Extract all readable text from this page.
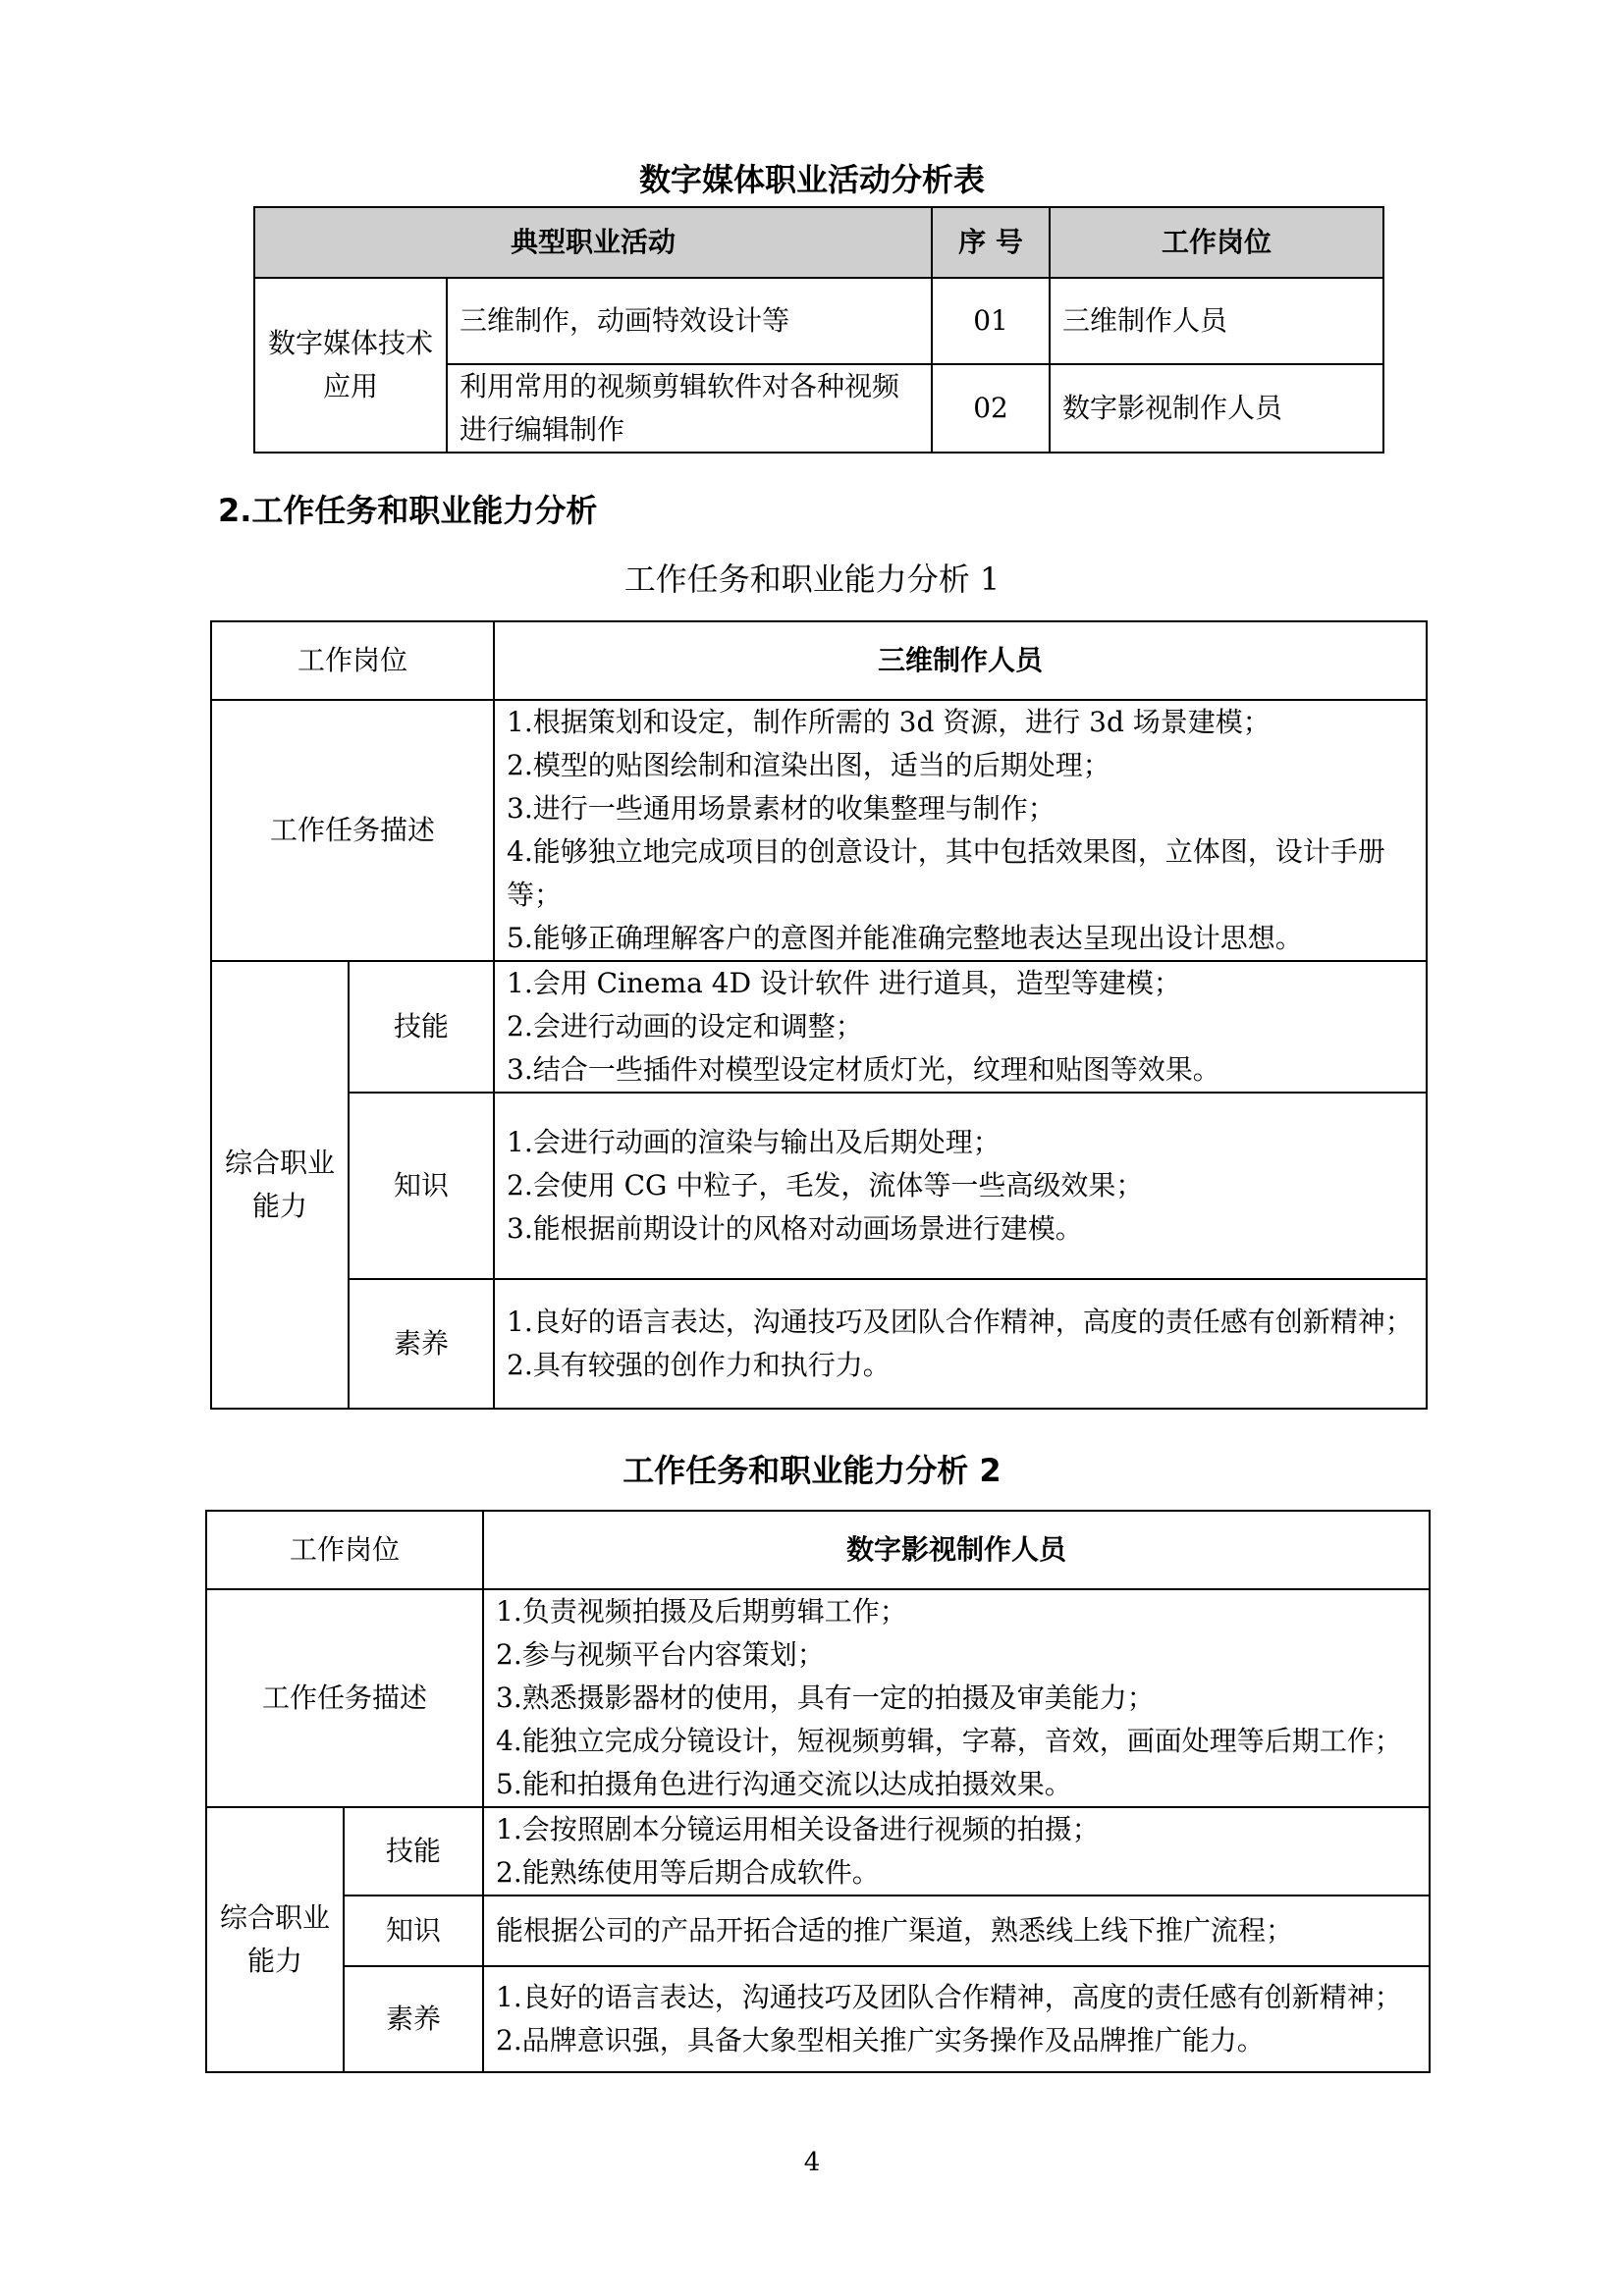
数字媒体职业活动分析表
典型职业活动		序 号	工作岗位
数字媒体技术应用	三维制作，动画特效设计等	01	三维制作人员
	利用常用的视频剪辑软件对各种视频进行编辑制作	02	数字影视制作人员
2.工作任务和职业能力分析
工作任务和职业能力分析 1
工作岗位		三维制作人员
工作任务描述		1.根据策划和设定，制作所需的 3d 资源，进行 3d 场景建模；
2.模型的贴图绘制和渲染出图，适当的后期处理；
3.进行一些通用场景素材的收集整理与制作；
4.能够独立地完成项目的创意设计，其中包括效果图，立体图，设计手册等；
5.能够正确理解客户的意图并能准确完整地表达呈现出设计思想。

综合职业能力	技能	1.会用 Cinema 4D 设计软件 进行道具，造型等建模；
2.会进行动画的设定和调整；
3.结合一些插件对模型设定材质灯光，纹理和贴图等效果。

	知识	1.会进行动画的渲染与输出及后期处理；
2.会使用 CG 中粒子，毛发，流体等一些高级效果；
3.能根据前期设计的风格对动画场景进行建模。

	素养	1.良好的语言表达，沟通技巧及团队合作精神，高度的责任感有创新精神；
2.具有较强的创作力和执行力。
工作任务和职业能力分析 2
工作岗位		数字影视制作人员
工作任务描述		1.负责视频拍摄及后期剪辑工作；
2.参与视频平台内容策划；
3.熟悉摄影器材的使用，具有一定的拍摄及审美能力；
4.能独立完成分镜设计，短视频剪辑，字幕，音效，画面处理等后期工作；
5.能和拍摄角色进行沟通交流以达成拍摄效果。

综合职业能力	技能	1.会按照剧本分镜运用相关设备进行视频的拍摄；
2.能熟练使用等后期合成软件。

	知识	能根据公司的产品开拓合适的推广渠道，熟悉线上线下推广流程；

	素养	1.良好的语言表达，沟通技巧及团队合作精神，高度的责任感有创新精神；
2.品牌意识强，具备大象型相关推广实务操作及品牌推广能力。
4
